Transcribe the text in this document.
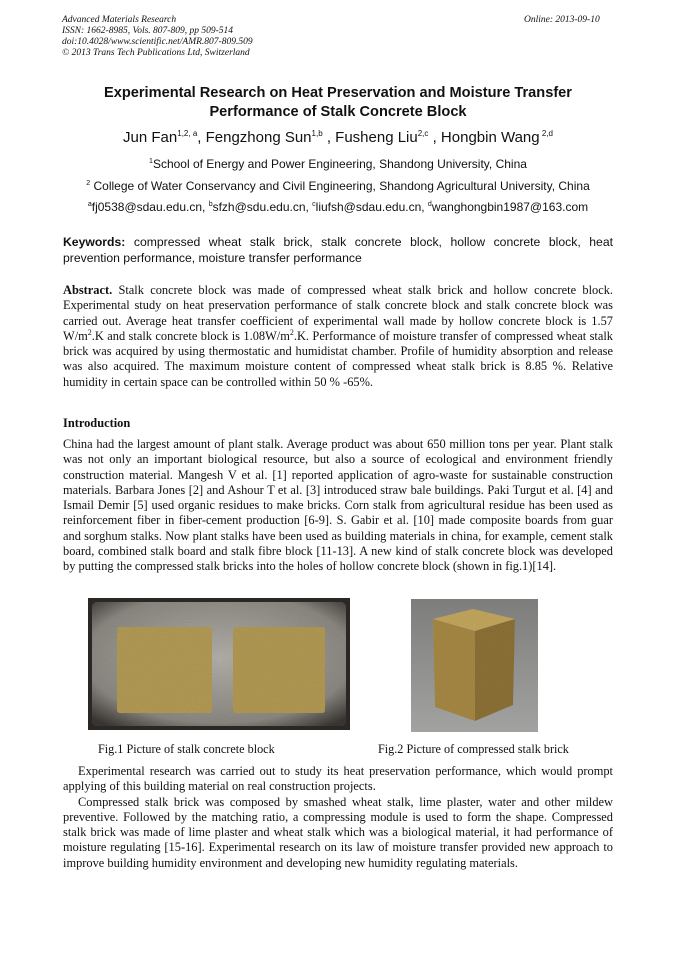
Advanced Materials Research
ISSN: 1662-8985, Vols. 807-809, pp 509-514
doi:10.4028/www.scientific.net/AMR.807-809.509
© 2013 Trans Tech Publications Ltd, Switzerland
Online: 2013-09-10
Experimental Research on Heat Preservation and Moisture Transfer
Performance of Stalk Concrete Block
Jun Fan$^{1,2, a}$, Fengzhong Sun$^{1,b}$ , Fusheng Liu$^{2,c}$ , Hongbin Wang $^{2,d}$
$^1$School of Energy and Power Engineering, Shandong University, China
$^2$ College of Water Conservancy and Civil Engineering, Shandong Agricultural University, China
$^a$fj0538@sdau.edu.cn, $^b$sfzh@sdu.edu.cn, $^c$liufsh@sdau.edu.cn, $^d$wanghongbin1987@163.com
Keywords: compressed wheat stalk brick, stalk concrete block, hollow concrete block, heat prevention performance, moisture transfer performance
Abstract. Stalk concrete block was made of compressed wheat stalk brick and hollow concrete block. Experimental study on heat preservation performance of stalk concrete block and stalk concrete block was carried out. Average heat transfer coefficient of experimental wall made by hollow concrete block is 1.57 $W/m^2.K$ and stalk concrete block is $1.08W/m^2.K$. Performance of moisture transfer of compressed wheat stalk brick was acquired by using thermostatic and humidistat chamber. Profile of humidity absorption and release was also acquired. The maximum moisture content of compressed wheat stalk brick is 8.85 %. Relative humidity in certain space can be controlled within 50 % -65%.
Introduction

China had the largest amount of plant stalk. Average product was about 650 million tons per year. Plant stalk was not only an important biological resource, but also a source of ecological and environment friendly construction material. Mangesh V et al. [1] reported application of agro-waste for sustainable construction materials. Barbara Jones [2] and Ashour T et al. [3] introduced straw bale buildings. Paki Turgut et al. [4] and Ismail Demir [5] used organic residues to make bricks. Corn stalk from agricultural residue has been used as reinforcement fiber in fiber-cement production [6-9]. S. Gabir et al. [10] made composite boards from guar and sorghum stalks. Now plant stalks have been used as building materials in china, for example, cement stalk board, combined stalk board and stalk fibre block [11-13]. A new kind of stalk concrete block was developed by putting the compressed stalk bricks into the holes of hollow concrete block (shown in fig.1)[14].

Fig.1 Picture of stalk concrete block	Fig.2 Picture of compressed stalk brick

Experimental research was carried out to study its heat preservation performance, which would prompt applying of this building material on real construction projects.

Compressed stalk brick was composed by smashed wheat stalk, lime plaster, water and other mildew preventive. Followed by the matching ratio, a compressing module is used to form the shape. Compressed stalk brick was made of lime plaster and wheat stalk which was a biological material, it had performance of moisture regulating [15-16]. Experimental research on its law of moisture transfer provided new approach to improve building humidity environment and developing new humidity regulating materials.
